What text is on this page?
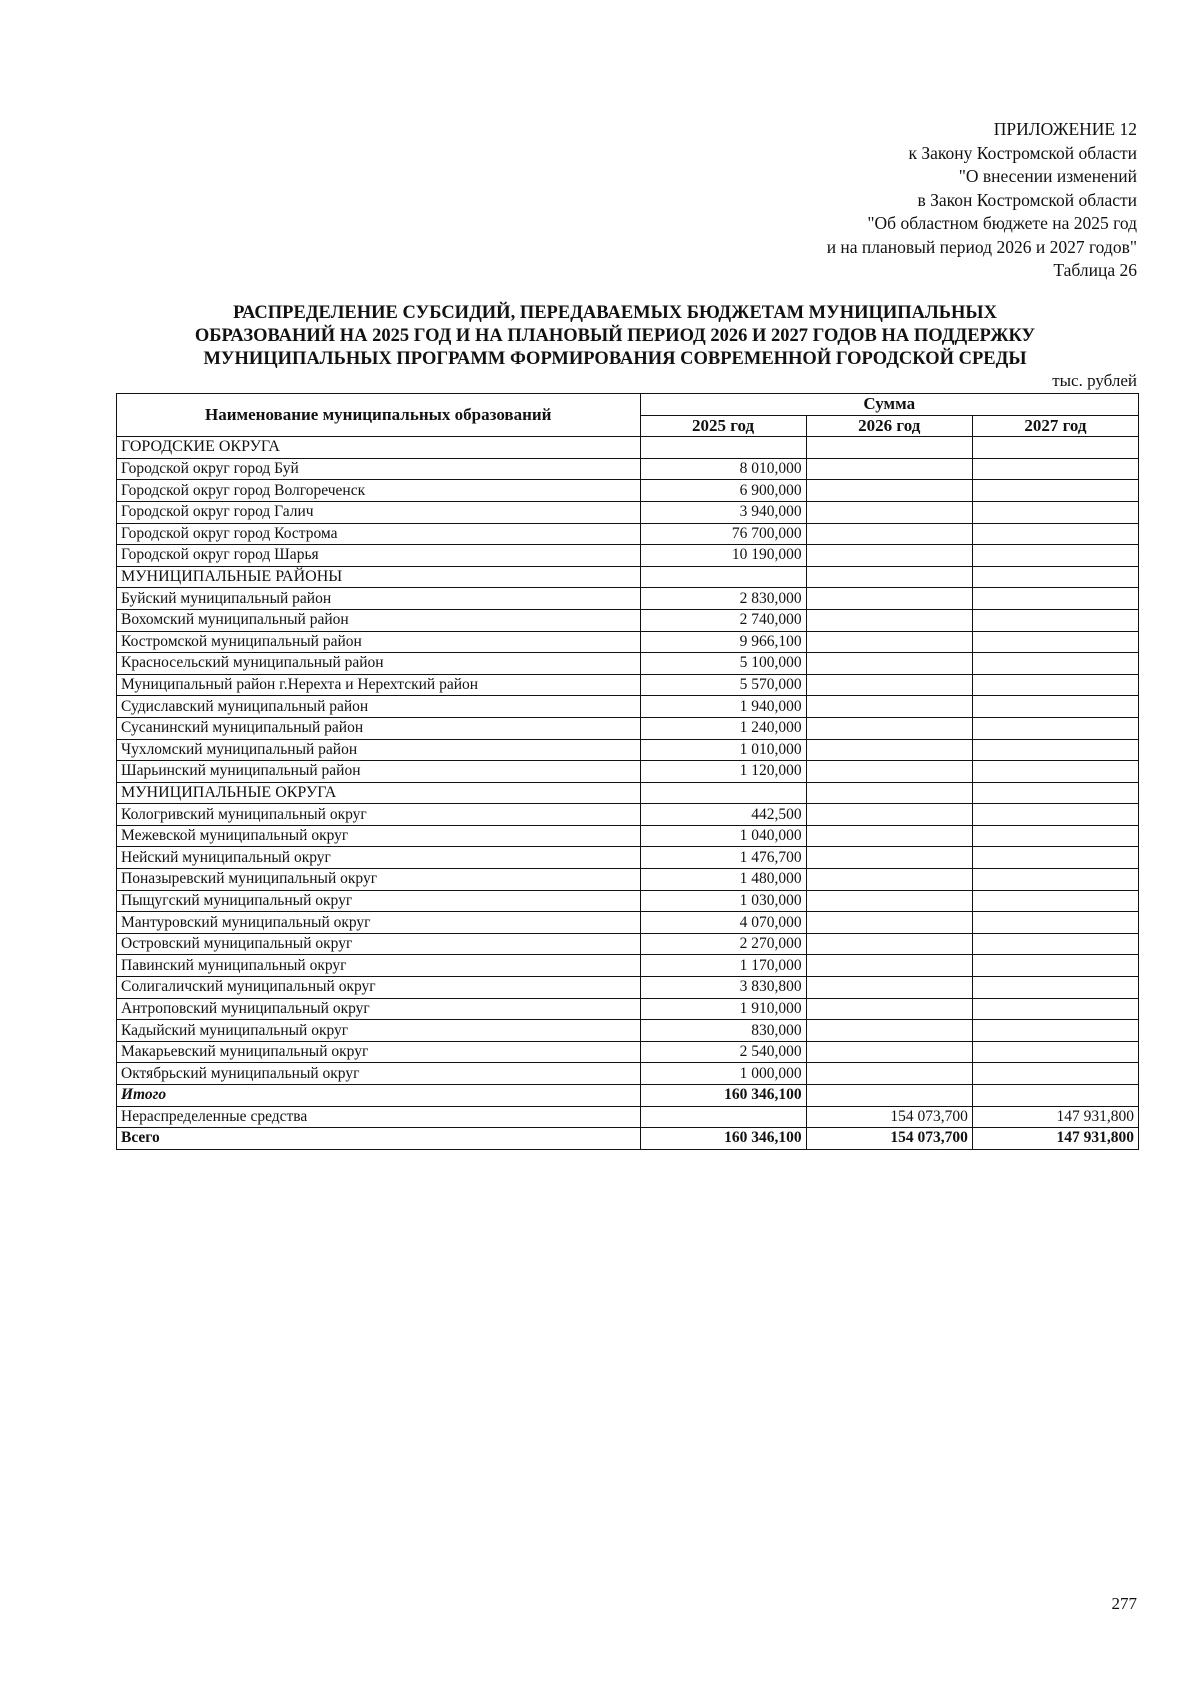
ПРИЛОЖЕНИЕ 12
к Закону Костромской области
"О внесении изменений
в Закон Костромской области
"Об областном бюджете на 2025 год
и на плановый период 2026 и 2027 годов"
Таблица 26
РАСПРЕДЕЛЕНИЕ СУБСИДИЙ, ПЕРЕДАВАЕМЫХ БЮДЖЕТАМ МУНИЦИПАЛЬНЫХ
ОБРАЗОВАНИЙ НА 2025 ГОД И НА ПЛАНОВЫЙ ПЕРИОД 2026 И 2027 ГОДОВ НА ПОДДЕРЖКУ
МУНИЦИПАЛЬНЫХ ПРОГРАММ ФОРМИРОВАНИЯ СОВРЕМЕННОЙ ГОРОДСКОЙ СРЕДЫ
тыс. рублей
Наименование муниципальных образований	Сумма		
	2025 год	2026 год	2027 год
ГОРОДСКИЕ ОКРУГА			
Городской округ город Буй	8 010,000		
Городской округ город Волгореченск	6 900,000		
Городской округ город Галич	3 940,000		
Городской округ город Кострома	76 700,000		
Городской округ город Шарья	10 190,000		
МУНИЦИПАЛЬНЫЕ РАЙОНЫ			
Буйский муниципальный район	2 830,000		
Вохомский муниципальный район	2 740,000		
Костромской муниципальный район	9 966,100		
Красносельский муниципальный район	5 100,000		
Муниципальный район г.Нерехта и Нерехтский район	5 570,000		
Судиславский муниципальный район	1 940,000		
Сусанинский муниципальный район	1 240,000		
Чухломский муниципальный район	1 010,000		
Шарьинский муниципальный район	1 120,000		
МУНИЦИПАЛЬНЫЕ ОКРУГА			
Кологривский муниципальный округ	442,500		
Межевской муниципальный округ	1 040,000		
Нейский муниципальный округ	1 476,700		
Поназыревский муниципальный округ	1 480,000		
Пыщугский муниципальный округ	1 030,000		
Мантуровский муниципальный округ	4 070,000		
Островский муниципальный округ	2 270,000		
Павинский муниципальный округ	1 170,000		
Солигаличский муниципальный округ	3 830,800		
Антроповский муниципальный округ	1 910,000		
Кадыйский муниципальный округ	830,000		
Макарьевский муниципальный округ	2 540,000		
Октябрьский муниципальный округ	1 000,000		
Итого	160 346,100		
Нераспределенные средства		154 073,700	147 931,800
Всего	160 346,100	154 073,700	147 931,800
277
